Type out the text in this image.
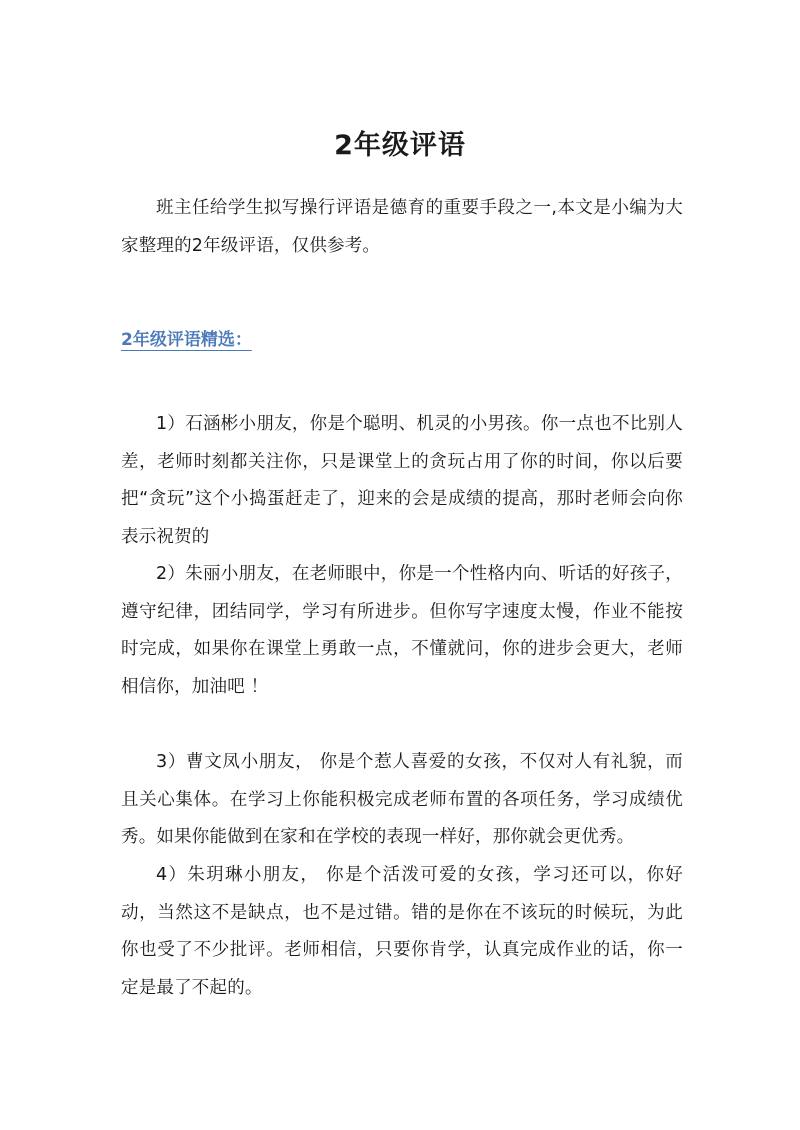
2年级评语

班主任给学生拟写操行评语是德育的重要手段之一,本文是小编为大家整理的2年级评语，仅供参考。

2年级评语精选：

1）石涵彬小朋友，你是个聪明、机灵的小男孩。你一点也不比别人差，老师时刻都关注你，只是课堂上的贪玩占用了你的时间，你以后要把“贪玩”这个小捣蛋赶走了，迎来的会是成绩的提高，那时老师会向你表示祝贺的

2）朱丽小朋友，在老师眼中，你是一个性格内向、听话的好孩子，遵守纪律，团结同学，学习有所进步。但你写字速度太慢，作业不能按时完成，如果你在课堂上勇敢一点，不懂就问，你的进步会更大，老师相信你，加油吧 ！

3）曹文凤小朋友， 你是个惹人喜爱的女孩，不仅对人有礼貌，而且关心集体。在学习上你能积极完成老师布置的各项任务，学习成绩优秀。如果你能做到在家和在学校的表现一样好，那你就会更优秀。

4）朱玥琳小朋友， 你是个活泼可爱的女孩，学习还可以，你好动，当然这不是缺点，也不是过错。错的是你在不该玩的时候玩，为此你也受了不少批评。老师相信，只要你肯学，认真完成作业的话，你一定是最了不起的。
